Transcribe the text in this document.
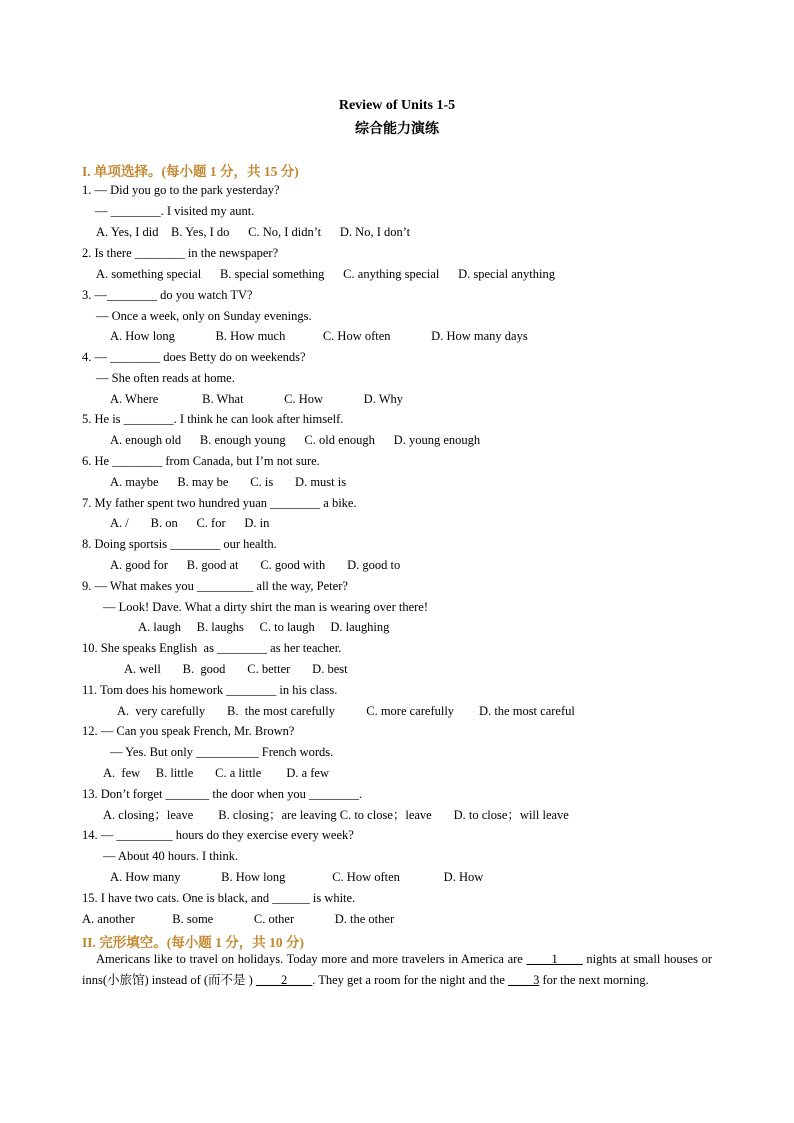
Review of Units 1-5
综合能力演练
I. 单项选择。(每小题 1 分，共 15 分)
1. — Did you go to the park yesterday?
— ________. I visited my aunt.
A. Yes, I did    B. Yes, I do      C. No, I didn’t      D. No, I don’t
2. Is there ________ in the newspaper?
A. something special      B. special something      C. anything special      D. special anything
3. —________ do you watch TV?
— Once a week, only on Sunday evenings.
A. How long             B. How much            C. How often             D. How many days
4. — ________ does Betty do on weekends?
— She often reads at home.
A. Where              B. What             C. How             D. Why
5. He is ________. I think he can look after himself.
A. enough old      B. enough young      C. old enough      D. young enough
6. He ________ from Canada, but I’m not sure.
A. maybe      B. may be       C. is       D. must is
7. My father spent two hundred yuan ________ a bike.
A. /       B. on      C. for      D. in
8. Doing sportsis ________ our health.
A. good for      B. good at       C. good with       D. good to
9. — What makes you _________ all the way, Peter?
— Look! Dave. What a dirty shirt the man is wearing over there!
A. laugh     B. laughs     C. to laugh     D. laughing
10. She speaks English  as ________ as her teacher.
A. well       B.  good       C. better       D. best
11. Tom does his homework ________ in his class.
A.  very carefully       B.  the most carefully          C. more carefully        D. the most careful
12. — Can you speak French, Mr. Brown?
— Yes. But only __________ French words.
A.  few     B. little       C. a little        D. a few
13. Don’t forget _______ the door when you ________.
A. closing；leave        B. closing；are leaving C. to close；leave       D. to close；will leave
14. — _________ hours do they exercise every week?
— About 40 hours. I think.
A. How many             B. How long               C. How often              D. How
15. I have two cats. One is black, and ______ is white.
A. another            B. some             C. other             D. the other
II. 完形填空。(每小题 1 分，共 10 分)
Americans like to travel on holidays. Today more and more travelers in America are ____1____ nights at small houses or inns(小旅馆) instead of (而不是 ) ____2____. They get a room for the night and the ____3 for the next morning.
